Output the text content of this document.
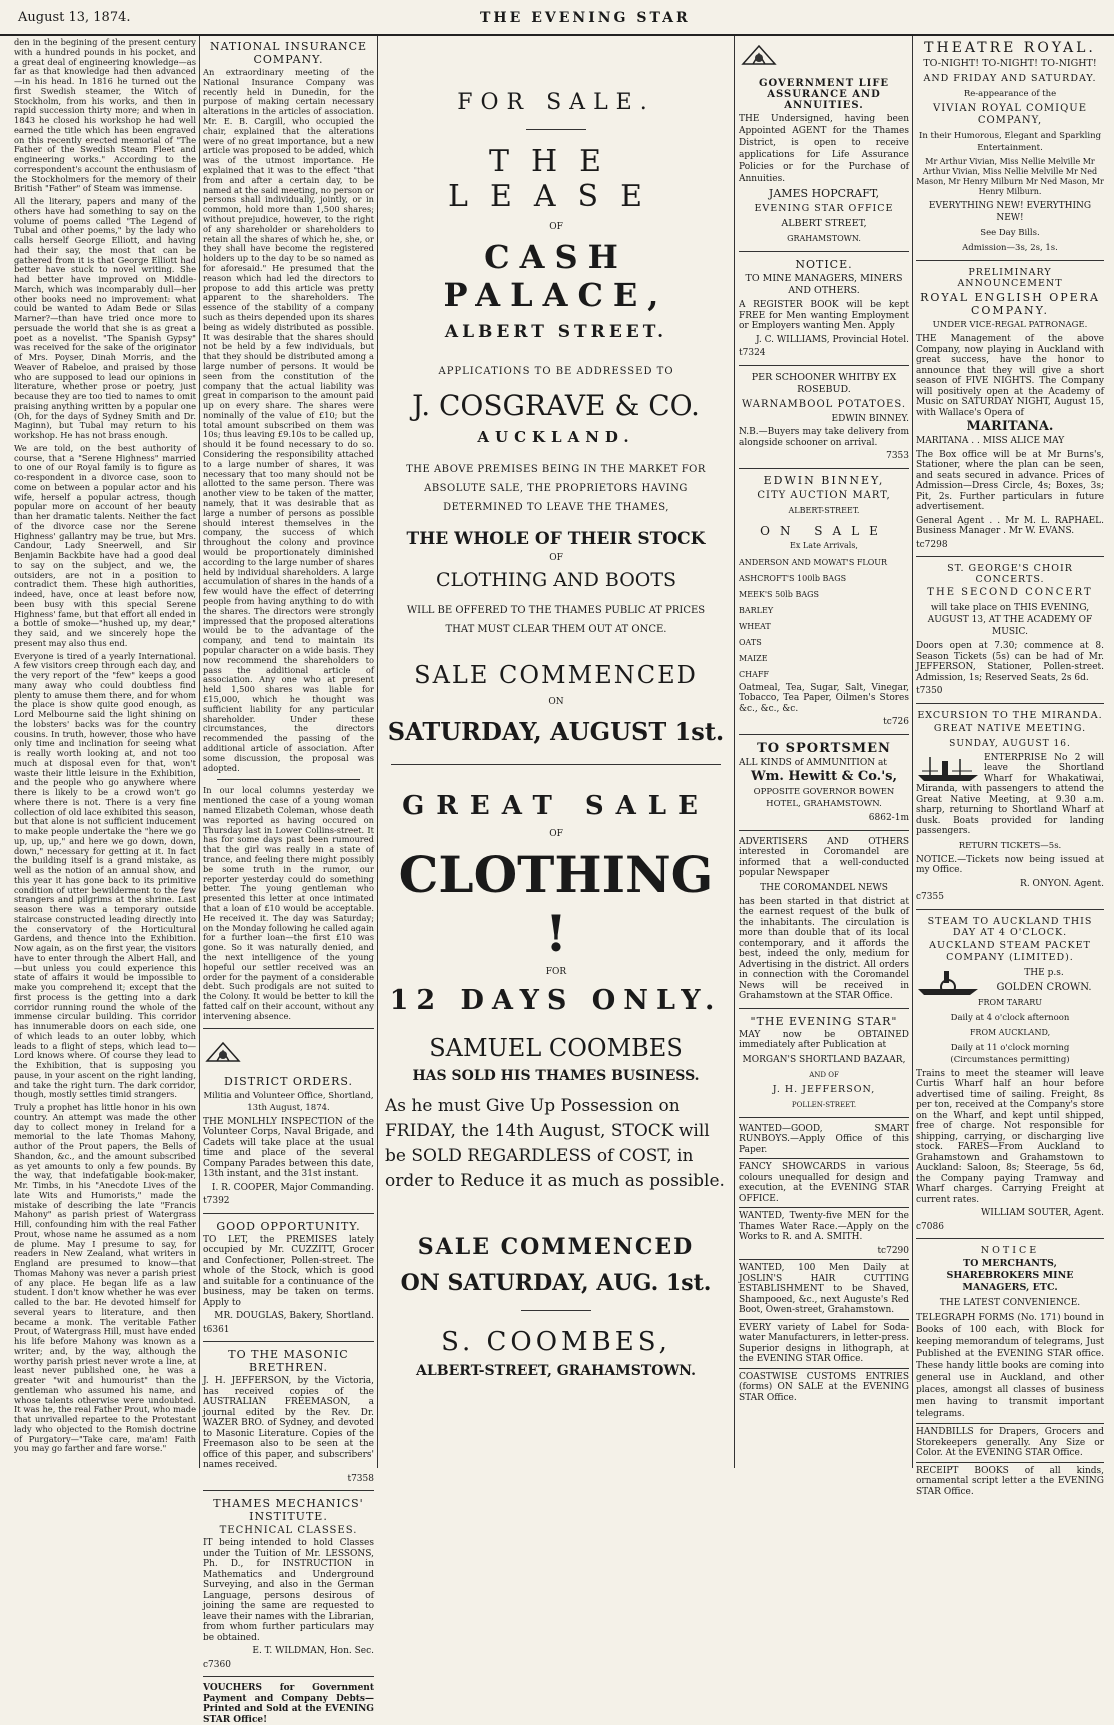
August 13, 1874.	THE EVENING STAR

den in the begining of the present century with a hundred pounds in his pocket, and a great deal of engineering knowledge—as far as that knowledge had then advanced—in his head. In 1816 he turned out the first Swedish steamer, the Witch of Stockholm, from his works, and then in rapid succession thirty more; and when in 1843 he closed his workshop he had well earned the title which has been engraved on this recently erected memorial of "The Father of the Swedish Steam Fleet and engineering works." According to the correspondent's account the enthusiasm of the Stockholmers for the memory of their British "Father" of Steam was immense.

All the literary, papers and many of the others have had something to say on the volume of poems called "The Legend of Tubal and other poems," by the lady who calls herself George Elliott, and having had their say, the most that can be gathered from it is that George Elliott had better have stuck to novel writing. She had better have improved on Middle-March, which was incomparably dull—her other books need no improvement: what could be wanted to Adam Bede or Silas Marner?—than have tried once more to persuade the world that she is as great a poet as a novelist. "The Spanish Gypsy" was received for the sake of the originator of Mrs. Poyser, Dinah Morris, and the Weaver of Rabeloe, and praised by those who are supposed to lead our opinions in literature, whether prose or poetry, just because they are too tied to names to omit praising anything written by a popular one (Oh, for the days of Sydney Smith and Dr. Maginn), but Tubal may return to his workshop. He has not brass enough.

We are told, on the best authority of course, that a "Serene Highness" married to one of our Royal family is to figure as co-respondent in a divorce case, soon to come on between a popular actor and his wife, herself a popular actress, though popular more on account of her beauty than her dramatic talents. Neither the fact of the divorce case nor the Serene Highness' gallantry may be true, but Mrs. Candour, Lady Sneerwell, and Sir Benjamin Backbite have had a good deal to say on the subject, and we, the outsiders, are not in a position to contradict them. These high authorities, indeed, have, once at least before now, been busy with this special Serene Highness' fame, but that effort all ended in a bottle of smoke—"hushed up, my dear," they said, and we sincerely hope the present may also thus end.

Everyone is tired of a yearly International. A few visitors creep through each day, and the very report of the "few" keeps a good many away who could doubtless find plenty to amuse them there, and for whom the place is show quite good enough, as Lord Melbourne said the light shining on the lobsters' backs was for the country cousins. In truth, however, those who have only time and inclination for seeing what is really worth looking at, and not too much at disposal even for that, won't waste their little leisure in the Exhibition, and the people who go anywhere where there is likely to be a crowd won't go where there is not. There is a very fine collection of old lace exhibited this season, but that alone is not sufficient inducement to make people undertake the "here we go up, up, up," and here we go down, down, down," necessary for getting at it. In fact the building itself is a grand mistake, as well as the notion of an annual show, and this year it has gone back to its primitive condition of utter bewilderment to the few strangers and pilgrims at the shrine. Last season there was a temporary outside staircase constructed leading directly into the conservatory of the Horticultural Gardens, and thence into the Exhibition. Now again, as on the first year, the visitors have to enter through the Albert Hall, and—but unless you could experience this state of affairs it would be impossible to make you comprehend it; except that the first process is the getting into a dark corridor running round the whole of the immense circular building. This corridor has innumerable doors on each side, one of which leads to an outer lobby, which leads to a flight of steps, which lead to—Lord knows where. Of course they lead to the Exhibition, that is supposing you pause, in your ascent on the right landing, and take the right turn. The dark corridor, though, mostly settles timid strangers.

Truly a prophet has little honor in his own country. An attempt was made the other day to collect money in Ireland for a memorial to the late Thomas Mahony, author of the Prout papers, the Bells of Shandon, &c., and the amount subscribed as yet amounts to only a few pounds. By the way, that indefatigable book-maker, Mr. Timbs, in his "Anecdote Lives of the late Wits and Humorists," made the mistake of describing the late "Francis Mahony" as parish priest of Watergrass Hill, confounding him with the real Father Prout, whose name he assumed as a nom de plume. May I presume to say, for readers in New Zealand, what writers in England are presumed to know—that Thomas Mahony was never a parish priest of any place. He began life as a law student. I don't know whether he was ever called to the bar. He devoted himself for several years to literature, and then became a monk. The veritable Father Prout, of Watergrass Hill, must have ended his life before Mahony was known as a writer; and, by the way, although the worthy parish priest never wrote a line, at least never published one, he was a greater "wit and humourist" than the gentleman who assumed his name, and whose talents otherwise were undoubted. It was he, the real Father Prout, who made that unrivalled repartee to the Protestant lady who objected to the Romish doctrine of Purgatory—"Take care, ma'am! Faith you may go farther and fare worse."

NATIONAL INSURANCE COMPANY.

An extraordinary meeting of the National Insurance Company was recently held in Dunedin, for the purpose of making certain necessary alterations in the articles of association. Mr. E. B. Cargill, who occupied the chair, explained that the alterations were of no great importance, but a new article was proposed to be added, which was of the utmost importance. He explained that it was to the effect "that from and after a certain day, to be named at the said meeting, no person or persons shall individually, jointly, or in common, hold more than 1,500 shares; without prejudice, however, to the right of any shareholder or shareholders to retain all the shares of which he, she, or they shall have become the registered holders up to the day to be so named as for aforesaid." He presumed that the reason which had led the directors to propose to add this article was pretty apparent to the shareholders. The essence of the stability of a company such as theirs depended upon its shares being as widely distributed as possible. It was desirable that the shares should not be held by a few individuals, but that they should be distributed among a large number of persons. It would be seen from the constitution of the company that the actual liability was great in comparison to the amount paid up on every share. The shares were nominally of the value of £10; but the total amount subscribed on them was 10s; thus leaving £9.10s to be called up, should it be found necessary to do so. Considering the responsibility attached to a large number of shares, it was necessary that too many should not be allotted to the same person. There was another view to be taken of the matter, namely, that it was desirable that as large a number of persons as possible should interest themselves in the company, the success of which throughout the colony and province would be proportionately diminished according to the large number of shares held by individual shareholders. A large accumulation of shares in the hands of a few would have the effect of deterring people from having anything to do with the shares. The directors were strongly impressed that the proposed alterations would be to the advantage of the company, and tend to maintain its popular character on a wide basis. They now recommend the shareholders to pass the additional article of association. Any one who at present held 1,500 shares was liable for £15,000, which he thought was sufficient liability for any particular shareholder. Under these circumstances, the directors recommended the passing of the additional article of association. After some discussion, the proposal was adopted.

In our local columns yesterday we mentioned the case of a young woman named Elizabeth Coleman, whose death was reported as having occured on Thursday last in Lower Collins-street. It has for some days past been rumoured that the girl was really in a state of trance, and feeling there might possibly be some truth in the rumor, our reporter yesterday could do something better. The young gentleman who presented this letter at once intimated that a loan of £10 would be acceptable. He received it. The day was Saturday; on the Monday following he called again for a further loan—the first £10 was gone. So it was naturally denied, and the next intelligence of the young hopeful our settler received was an order for the payment of a considerable debt. Such prodigals are not suited to the Colony. It would be better to kill the fatted calf on their account, without any intervening absence.

DISTRICT ORDERS.

Militia and Volunteer Office, Shortland, 13th August, 1874.

THE MONLHLY INSPECTION of the Volunteer Corps, Naval Brigade, and Cadets will take place at the usual time and place of the several Company Parades between this date, 13th instant, and the 31st instant.

I. R. COOPER, Major Commanding.

t7392

GOOD OPPORTUNITY.

TO LET, the PREMISES lately occupied by Mr. CUZZITT, Grocer and Confectioner, Pollen-street. The whole of the Stock, which is good and suitable for a continuance of the business, may be taken on terms. Apply to

MR. DOUGLAS, Bakery, Shortland.

t6361

TO THE MASONIC BRETHREN.

J. H. JEFFERSON, by the Victoria, has received copies of the AUSTRALIAN FREEMASON, a journal edited by the Rev. Dr. WAZER BRO. of Sydney, and devoted to Masonic Literature. Copies of the Freemason also to be seen at the office of this paper, and subscribers' names received.

t7358

THAMES MECHANICS' INSTITUTE.
TECHNICAL CLASSES.

IT being intended to hold Classes under the Tuition of Mr. LESSONS, Ph. D., for INSTRUCTION in Mathematics and Underground Surveying, and also in the German Language, persons desirous of joining the same are requested to leave their names with the Librarian, from whom further particulars may be obtained.

E. T. WILDMAN, Hon. Sec.

c7360

VOUCHERS for Government Payment and Company Debts—Printed and Sold at the EVENING STAR Office!

FOR SALE.
THE LEASE
OF
CASH PALACE,
ALBERT STREET.
APPLICATIONS TO BE ADDRESSED TO
J. COSGRAVE & CO.
AUCKLAND.
THE ABOVE PREMISES BEING IN THE MARKET FOR ABSOLUTE SALE, THE PROPRIETORS HAVING DETERMINED TO LEAVE THE THAMES,
THE WHOLE OF THEIR STOCK
OF
CLOTHING AND BOOTS
WILL BE OFFERED TO THE THAMES PUBLIC AT PRICES THAT MUST CLEAR THEM OUT AT ONCE.
SALE COMMENCED
ON
SATURDAY, AUGUST 1st.
GREAT SALE
OF
CLOTHING !
FOR
12 DAYS ONLY.
SAMUEL COOMBES
HAS SOLD HIS THAMES BUSINESS.
As he must Give Up Possession on FRIDAY, the 14th August, STOCK will be SOLD REGARDLESS of COST, in order to Reduce it as much as possible.
SALE COMMENCED
ON SATURDAY, AUG. 1st.
S. COOMBES,
ALBERT-STREET, GRAHAMSTOWN.
GOVERNMENT LIFE ASSURANCE AND ANNUITIES.

THE Undersigned, having been Appointed AGENT for the Thames District, is open to receive applications for Life Assurance Policies or for the Purchase of Annuities.

JAMES HOPCRAFT,

EVENING STAR OFFICE

ALBERT STREET,

GRAHAMSTOWN.

NOTICE.

TO MINE MANAGERS, MINERS AND OTHERS.

A REGISTER BOOK will be kept FREE for Men wanting Employment or Employers wanting Men. Apply

J. C. WILLIAMS, Provincial Hotel.

t7324

PER SCHOONER WHITBY EX ROSEBUD.

WARNAMBOOL POTATOES.

EDWIN BINNEY.

N.B.—Buyers may take delivery from alongside schooner on arrival.

7353

EDWIN BINNEY,

CITY AUCTION MART,

ALBERT-STREET.

ON SALE

Ex Late Arrivals,

ANDERSON AND MOWAT'S FLOUR
ASHCROFT'S 100lb BAGS
MEEK'S 50lb BAGS
BARLEY
WHEAT
OATS
MAIZE
CHAFF

Oatmeal, Tea, Sugar, Salt, Vinegar, Tobacco, Tea Paper, Oilmen's Stores &c., &c., &c.

tc726

TO SPORTSMEN

ALL KINDS of AMMUNITION at

Wm. Hewitt & Co.'s,

OPPOSITE GOVERNOR BOWEN HOTEL, GRAHAMSTOWN.

6862-1m

ADVERTISERS AND OTHERS interested in Coromandel are informed that a well-conducted popular Newspaper

THE COROMANDEL NEWS

has been started in that district at the earnest request of the bulk of the inhabitants. The circulation is more than double that of its local contemporary, and it affords the best, indeed the only, medium for Advertising in the district. All orders in connection with the Coromandel News will be received in Grahamstown at the STAR Office.

"THE EVENING STAR"

MAY now be OBTAINED immediately after Publication at

MORGAN'S SHORTLAND BAZAAR,

AND OF

J. H. JEFFERSON,

POLLEN-STREET.

WANTED—GOOD, SMART RUNBOYS.—Apply Office of this Paper.

FANCY SHOWCARDS in various colours unequalled for design and execution, at the EVENING STAR OFFICE.

WANTED, Twenty-five MEN for the Thames Water Race.—Apply on the Works to R. and A. SMITH.

tc7290

WANTED, 100 Men Daily at JOSLIN'S HAIR CUTTING ESTABLISHMENT to be Shaved, Shampooed, &c., next Auguste's Red Boot, Owen-street, Grahamstown.

EVERY variety of Label for Soda-water Manufacturers, in letter-press. Superior designs in lithograph, at the EVENING STAR Office.

COASTWISE CUSTOMS ENTRIES (forms) ON SALE at the EVENING STAR Office.

THEATRE ROYAL.

TO-NIGHT! TO-NIGHT! TO-NIGHT!

AND FRIDAY AND SATURDAY.

Re-appearance of the

VIVIAN ROYAL COMIQUE COMPANY,

In their Humorous, Elegant and Sparkling Entertainment.

Mr Arthur Vivian, Miss Nellie Melville Mr Arthur Vivian, Miss Nellie Melville Mr Ned Mason, Mr Henry Milburn Mr Ned Mason, Mr Henry Milburn.

EVERYTHING NEW! EVERYTHING NEW!

See Day Bills.

Admission—3s, 2s, 1s.

PRELIMINARY ANNOUNCEMENT
ROYAL ENGLISH OPERA COMPANY.

UNDER VICE-REGAL PATRONAGE.

THE Management of the above Company, now playing in Auckland with great success, have the honor to announce that they will give a short season of FIVE NIGHTS. The Company will positively open at the Academy of Music on SATURDAY NIGHT, August 15, with Wallace's Opera of

MARITANA.

MARITANA . . MISS ALICE MAY

The Box office will be at Mr Burns's, Stationer, where the plan can be seen, and seats secured in advance. Prices of Admission—Dress Circle, 4s; Boxes, 3s; Pit, 2s. Further particulars in future advertisement.

General Agent . . Mr M. L. RAPHAEL. Business Manager . Mr W. EVANS.

tc7298

ST. GEORGE'S CHOIR CONCERTS.

THE SECOND CONCERT

will take place on THIS EVENING, AUGUST 13, AT THE ACADEMY OF MUSIC.

Doors open at 7.30; commence at 8. Season Tickets (5s) can be had of Mr. JEFFERSON, Stationer, Pollen-street. Admission, 1s; Reserved Seats, 2s 6d.

t7350

EXCURSION TO THE MIRANDA.

GREAT NATIVE MEETING.

SUNDAY, AUGUST 16.

ENTERPRISE No 2 will leave the Shortland Wharf for Whakatiwai, Miranda, with passengers to attend the Great Native Meeting, at 9.30 a.m. sharp, returning to Shortland Wharf at dusk. Boats provided for landing passengers.

RETURN TICKETS—5s.

NOTICE.—Tickets now being issued at my Office.

R. ONYON. Agent.

c7355

STEAM TO AUCKLAND THIS DAY AT 4 O'CLOCK.

AUCKLAND STEAM PACKET COMPANY (LIMITED).

THE p.s.

GOLDEN CROWN.

FROM TARARU

Daily at 4 o'clock afternoon

FROM AUCKLAND,

Daily at 11 o'clock morning (Circumstances permitting)

Trains to meet the steamer will leave Curtis Wharf half an hour before advertised time of sailing. Freight, 8s per ton, received at the Company's store on the Wharf, and kept until shipped, free of charge. Not responsible for shipping, carrying, or discharging live stock. FARES—From Auckland to Grahamstown and Grahamstown to Auckland: Saloon, 8s; Steerage, 5s 6d, the Company paying Tramway and Wharf charges. Carrying Freight at current rates.

WILLIAM SOUTER, Agent.

c7086

NOTICE

TO MERCHANTS, SHAREBROKERS MINE MANAGERS, ETC.

THE LATEST CONVENIENCE.

TELEGRAPH FORMS (No. 171) bound in Books of 100 each, with Block for keeping memorandum of telegrams, Just Published at the EVENING STAR office. These handy little books are coming into general use in Auckland, and other places, amongst all classes of business men having to transmit important telegrams.

HANDBILLS for Drapers, Grocers and Storekeepers generally. Any Size or Color. At the EVENING STAR Office.

RECEIPT BOOKS of all kinds, ornamental script letter a the EVENING STAR Office.
